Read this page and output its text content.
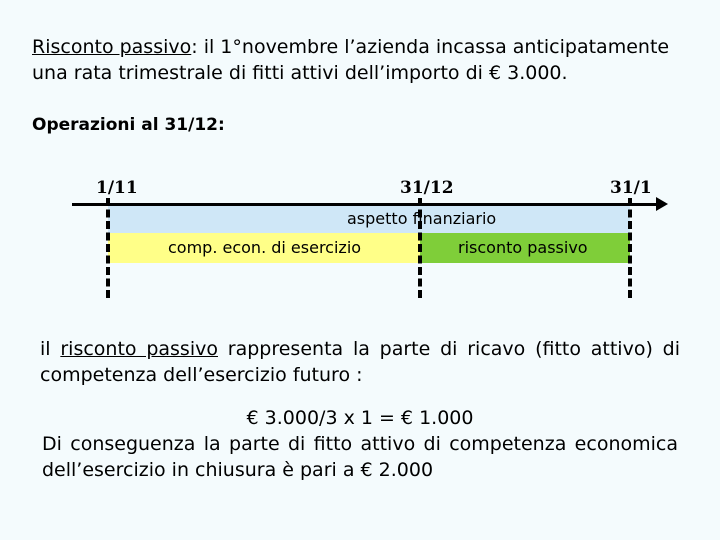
Risconto passivo: il 1°novembre l’azienda incassa anticipatamente una rata trimestrale di fitti attivi dell’importo di € 3.000.
Operazioni al 31/12:
1/11	31/12	31/1
aspetto finanziario
comp. econ. di esercizio	risconto passivo
il risconto passivo rappresenta la parte di ricavo (fitto attivo) di competenza dell’esercizio futuro :
€ 3.000/3 x 1 = € 1.000
Di conseguenza la parte di fitto attivo di competenza economica dell’esercizio in chiusura è pari a € 2.000
